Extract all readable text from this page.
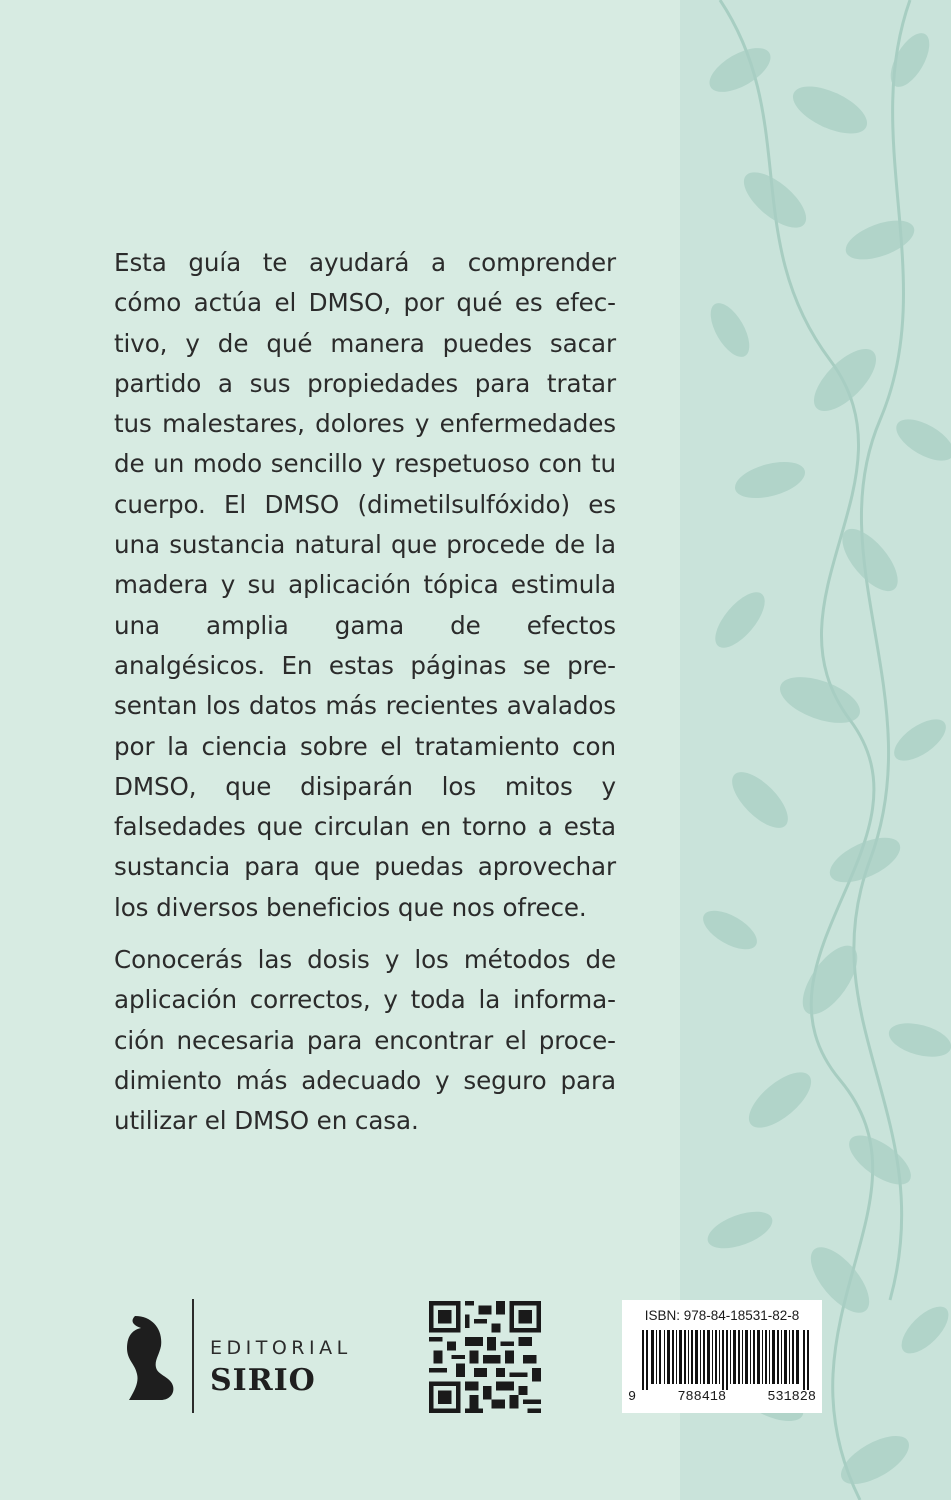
Esta guía te ayudará a comprender cómo actúa el DMSO, por qué es efectivo, y de qué manera puedes sacar partido a sus propiedades para tratar tus malestares, dolores y enfermedades de un modo sencillo y respetuoso con tu cuerpo. El DMSO (dimetilsulfóxido) es una sustancia natural que procede de la madera y su aplicación tópica estimula una amplia gama de efectos analgésicos. En estas páginas se presentan los datos más recientes avalados por la ciencia sobre el tratamiento con DMSO, que disiparán los mitos y falsedades que circulan en torno a esta sustancia para que puedas aprovechar los diversos beneficios que nos ofrece.

Conocerás las dosis y los métodos de aplicación correctos, y toda la información necesaria para encontrar el procedimiento más adecuado y seguro para utilizar el DMSO en casa.

EDITORIAL
SIRIO
ISBN: 978-84-18531-82-8
9	788418	531828
